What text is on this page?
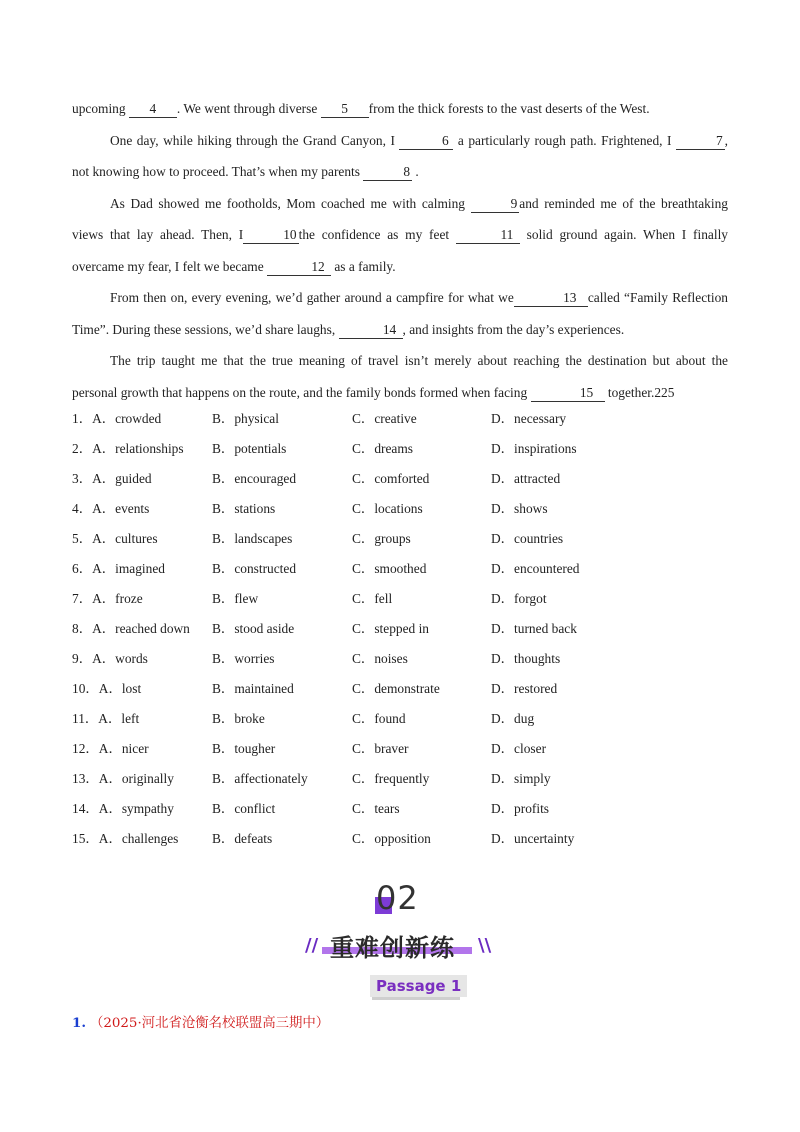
upcoming 4 . We went through diverse 5 from the thick forests to the vast deserts of the West.

One day, while hiking through the Grand Canyon, I	6 a particularly rough path. Frightened, I	7 , not knowing how to proceed. That’s when my parents	8 .

As Dad showed me footholds, Mom coached me with calming	9 and reminded me of the breathtaking views that lay ahead. Then, I	10 the confidence as my feet	11 solid ground again. When I finally overcame my fear, I felt we became	12 as a family.

From then on, every evening, we’d gather around a campfire for what we	13 called “Family Reflection Time”. During these sessions, we’d share laughs,	14 , and insights from the day’s experiences.

The trip taught me that the true meaning of travel isn’t merely about reaching the destination but about the personal growth that happens on the route, and the family bonds formed when facing	15 together.225

1．A．crowded	B．physical	C．creative	D．necessary
2．A．relationships B．potentials	C．dreams	D．inspirations
3．A．guided	B．encouraged	C．comforted	D．attracted
4．A．events	B．stations	C．locations	D．shows
5．A．cultures	B．landscapes	C．groups	D．countries
6．A．imagined	B．constructed	C．smoothed	D．encountered
7．A．froze	B．flew	C．fell	D．forgot
8．A．reached down B．stood aside	C．stepped in	D．turned back
9．A．words	B．worries	C．noises	D．thoughts
10．A．lost	B．maintained	C．demonstrate	D．restored
11．A．left	B．broke	C．found	D．dug
12．A．nicer	B．tougher	C．braver	D．closer
13．A．originally	B．affectionately	C．frequently	D．simply
14．A．sympathy	B．conflict	C．tears	D．profits
15．A．challenges	B．defeats	C．opposition	D．uncertainty
02
// 重难创新练 \\
Passage 1
1. （2025·河北省沧衡名校联盟高三期中）
